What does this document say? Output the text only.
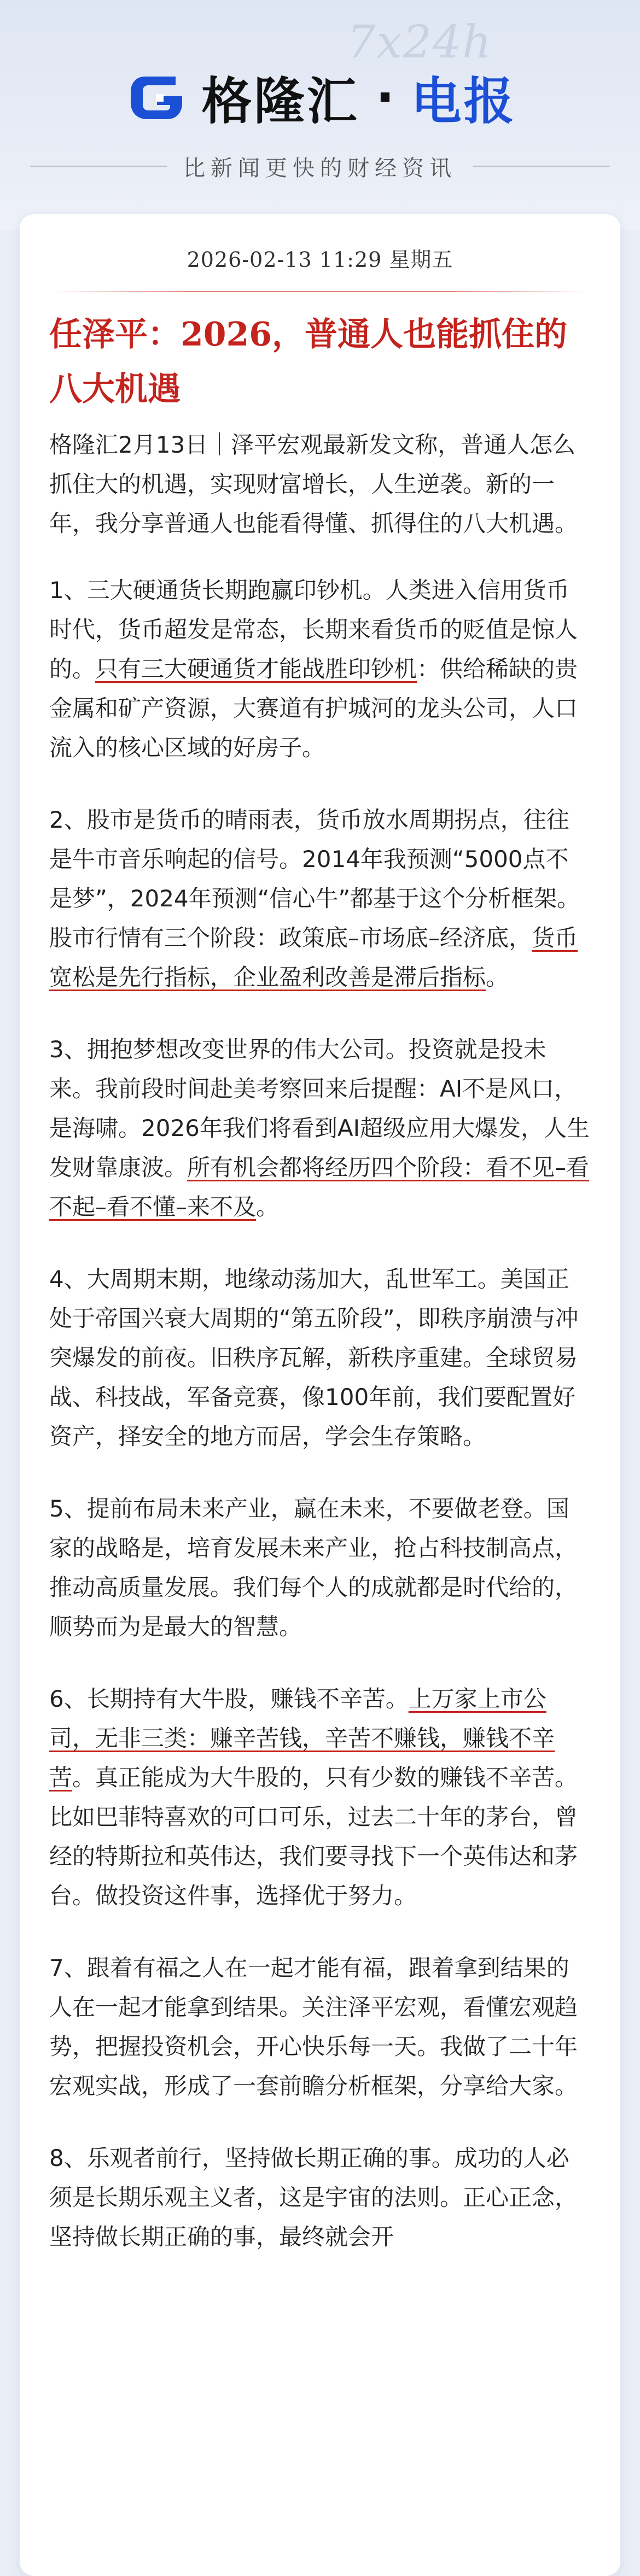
7x24h
格隆汇 · 电报
比新闻更快的财经资讯
2026-02-13 11:29 星期五
任泽平：2026，普通人也能抓住的八大机遇

格隆汇2月13日｜泽平宏观最新发文称，普通人怎么抓住大的机遇，实现财富增长，人生逆袭。新的一年，我分享普通人也能看得懂、抓得住的八大机遇。

1、三大硬通货长期跑赢印钞机。人类进入信用货币时代，货币超发是常态，长期来看货币的贬值是惊人的。只有三大硬通货才能战胜印钞机：供给稀缺的贵金属和矿产资源，大赛道有护城河的龙头公司，人口流入的核心区域的好房子。

2、股市是货币的晴雨表，货币放水周期拐点，往往是牛市音乐响起的信号。2014年我预测“5000点不是梦”，2024年预测“信心牛”都基于这个分析框架。股市行情有三个阶段：政策底–市场底–经济底，货币宽松是先行指标，企业盈利改善是滞后指标。

3、拥抱梦想改变世界的伟大公司。投资就是投未来。我前段时间赴美考察回来后提醒：AI不是风口，是海啸。2026年我们将看到AI超级应用大爆发，人生发财靠康波。所有机会都将经历四个阶段：看不见–看不起–看不懂–来不及。

4、大周期末期，地缘动荡加大，乱世军工。美国正处于帝国兴衰大周期的“第五阶段”，即秩序崩溃与冲突爆发的前夜。旧秩序瓦解，新秩序重建。全球贸易战、科技战，军备竞赛，像100年前，我们要配置好资产，择安全的地方而居，学会生存策略。

5、提前布局未来产业，赢在未来，不要做老登。国家的战略是，培育发展未来产业，抢占科技制高点，推动高质量发展。我们每个人的成就都是时代给的，顺势而为是最大的智慧。

6、长期持有大牛股，赚钱不辛苦。上万家上市公司，无非三类：赚辛苦钱，辛苦不赚钱，赚钱不辛苦。真正能成为大牛股的，只有少数的赚钱不辛苦。比如巴菲特喜欢的可口可乐，过去二十年的茅台，曾经的特斯拉和英伟达，我们要寻找下一个英伟达和茅台。做投资这件事，选择优于努力。

7、跟着有福之人在一起才能有福，跟着拿到结果的人在一起才能拿到结果。关注泽平宏观，看懂宏观趋势，把握投资机会，开心快乐每一天。我做了二十年宏观实战，形成了一套前瞻分析框架，分享给大家。

8、乐观者前行，坚持做长期正确的事。成功的人必须是长期乐观主义者，这是宇宙的法则。正心正念，坚持做长期正确的事，最终就会开
